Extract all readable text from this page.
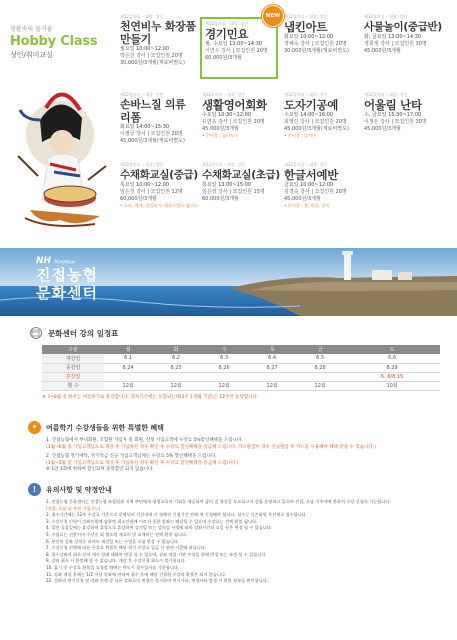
생활속의 즐거움
Hobby Class
성인/취미교실
제12강의실 – 대상: 성인
천연비누 화장품 만들기
월요일 10:00~12:00
박은진 강사 | 모집인원 20명
30,000원/3개월(재료비별도)
NEW
제12강의실 – 대상: 성인
경기민요
월, 수요일 13:00~14:30
이연수 강사 | 모집인원 20명
60,000원/3개월
제12강의실 – 대상: 성인
냅킨아트
화요일 10:00~12:00
정혜숙 강사 | 모집인원 20명
30,000원/3개월(재료비별도)
제12강의실 – 대상: 성인
사물놀이(중급반)
화, 금요일 13:00~14:30
정희재 강사 | 모집인원 30명
45,000원/3개월
제12강의실 – 대상: 주부
손바느질 의류리폼
화요일 14:00~15:30
이필금 강사 | 모집인원 20명
45,000원/3개월(재료비별도)
제12강의실 – 대상: 성인
생활영어회화
수요일 10:30~12:00
유연옥 강사 | 모집인원 20명
45,000원/3개월
• 준비물 : 필기도구
제12강의실 – 대상: 성인
도자기공예
수요일 14:00~16:00
최영신 강사 | 모집인원 20명
45,000원/3개월(재료비별도)
• 준비물 : 앞치마
제12강의실 – 대상: 성인
어울림 난타
수, 금요일 15:30~17:00
이정은 강사 | 모집인원 30명
45,000원/3개월
제12강의실 – 대상: 성인
수채화교실(중급)
목요일 10:00~12:00
임은정 강사 | 모집인원 12명
60,000원/3개월
• 소묘, 채색, 전입과 등 회화수업도 합니다.
제12강의실 – 대상: 성인
수채화교실(초급)
목요일 13:00~15:00
임은정 강사 | 모집인원 15명
60,000원/3개월
제12강의실 – 대상: 성인
한글서예반
금요일 10:00~12:00
김경숙 강사 | 모집인원 20명
45,000원/3개월
• 준비물 : 붓, 먹물, 종이
NH NongHyup
진접농협
문화센터
문화센터 강의 일정표
구분	월	화	수	목	금	토
개강일	6.1	6.2	6.3	6.4	6.5	6.6
종강일	8.24	8.25	8.26	8.27	8.28	8.29
휴강일						6. 6/8.15
횟 수	12회	12회	12회	12회	12회	10회
※ 7~8월 중 한주는 여름휴가로 휴강합니다. 강좌기간에는 포함되는데(3주 1개월 기준)은 12주간 운영합니다.
✦	여름학기 수강생들을 위한 특별한 혜택
1. 진접농협에서 부녀회원, 조합원 가입자 중 회원, 신청 기입고객에 수강료 5%할인혜택을 드립니다.
(1월~6월 중 가입고객님으로 개강 후 가입하신 경우 확인 후 수강료 할인혜택을 송금해 드립니다. 카드발급이 경우 신규발급 후 카드를 사용해야 혜택 받을 수 있습니다.)
2. 진접농협 정기예탁, 정기적금 신규 가입고객님께는 수강료 5% 할인혜택을 드립니다.
(1월~5월 중 가입고객님으로 개강 후 가입하신 경우 확인 후 수강료 할인혜택을 송금해 드립니다.)
※ 1인 1회에 한하여 할인되며 중복할인 되지 않습니다.
!	유의사항 및 약정안내
1. 진접농협 문화센터는 진접농협 조합원과 지역 주민에게 평생교육의 기회를 제공하여 삶의 질 향상을 도모하고자 설립 운영하고 있으며 진접, 오남 거주자에 한하여 수강 신청이 가능합니다.
(진접, 오남 외 주민 가입가능)
2. 접수기간에는 12주 수강료 기준으로 운영되며 기간내에 시 정해진 신청기간 안에 재 신청해야 합니다. 접수는 기존회원 우선제로 접수합니다.
3. 수강신청 인원이 강좌인원에 달하면 최소인원에 이르지 못한 강좌는 폐강될 수 있으며 수강료는 전액 환불 됩니다.
4. 발견 공휴일에는 휴강하며 휴강으로 휴강하여 강의일 또는 강의실 시정에 따라 강좌시간과 요일 등은 변경 될 수 있습니다.
5. 수업료는 선불이며 수강중 회 별도의 재료비 및 교재비는 전액 환불 됩니다.
6. 본인의 강좌 강의중 하여도 개강일 또는 수업을 포함 받을 수 없습니다.
7. 수강신청 진행에 따른 수강료 환불은 해당 학기 수강료 입금 시 관련 기준에 따릅니다.
8. 접수강좌의 최초 강의 개시 일에 대하여 변경 될 수 있으며, 강좌 개설 기관 수당을 위해 변경 또는 조정 될 수 있습니다.
9. 강좌 취소 시 환불해 줄 수 없습니다. 개강 후 수강신청 취소가 불가합니다.
10. 휴기 중 수강료 환불을 요청할 때에는 반드시 접수일자를 기준합니다.
11. 강좌 개강 후에는 1/2 이상 강좌에 관하여 접수 후에 해당 신청한 수강의 환불은 되지 않습니다.
12. 강좌의 연기신청 및 강좌 진행 중 다른 강좌로의 변경은 불가하며 연기사유, 변경사유 발생 시 환불 정보를 확인합니다.
